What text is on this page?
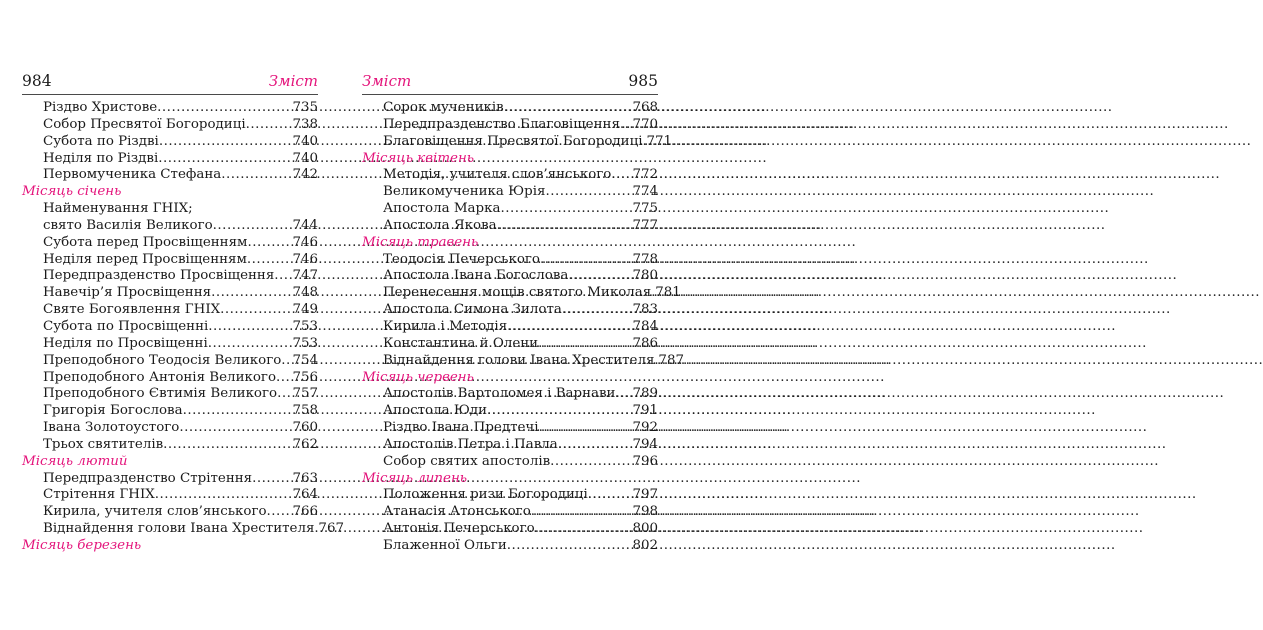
984	Зміст
Різдво Христове .....	735
Собор Пресвятої Богородиці .....	738
Субота по Різдві .....	740
Неділя по Різдві .....	740
Первомученика Стефана .....	742
Місяць січень
Найменування ГНІХ;
свято Василія Великого .....	744
Субота перед Просвіщенням .....	746
Неділя перед Просвіщенням .....	746
Передпразденство Просвіщення ..... 747
Навечір’я Просвіщення .....	748
Святе Богоявлення ГНІХ .....	749
Субота по Просвіщенні .....	753
Неділя по Просвіщенні .....	753
Преподобного Теодосія Великого ..... 754
Преподобного Антонія Великого ..... 756
Преподобного Євтимія Великого ..... 757
Григорія Богослова .....	758
Івана Золотоустого .....	760
Трьох святителів .....	762
Місяць лютий
Передпразденство Стрітення .....	763
Стрітення ГНІХ .....	764
Кирила, учителя слов’янського ..... 766
Віднайдення голови Івана Хрестителя ..... 767
Місяць березень
Зміст	985
Сорок мучеників .....	768
Передпразденство Благовіщення ..... 770
Благовіщення Пресвятої Богородиці ..... 771
Місяць квітень
Методія, учителя слов’янського ..... 772
Великомученика Юрія .....	774
Апостола Марка .....	775
Апостола Якова .....	777
Місяць травень
Теодосія Печерського .....	778
Апостола Івана Богослова .....	780
Перенесення мощів святого Миколая ..... 781
Апостола Симона Зилота .....	783
Кирила і Методія .....	784
Константина й Олени .....	786
Віднайдення голови Івана Хрестителя ..... 787
Місяць червень
Апостолів Вартоломея і Варнави ..... 789
Апостола Юди .....	791
Різдво Івана Предтечі .....	792
Апостолів Петра і Павла .....	794
Собор святих апостолів .....	796
Місяць липень
Положення ризи Богородиці .....	797
Атанасія Атонського .....	798
Антонія Печерського .....	800
Блаженної Ольги .....	802
